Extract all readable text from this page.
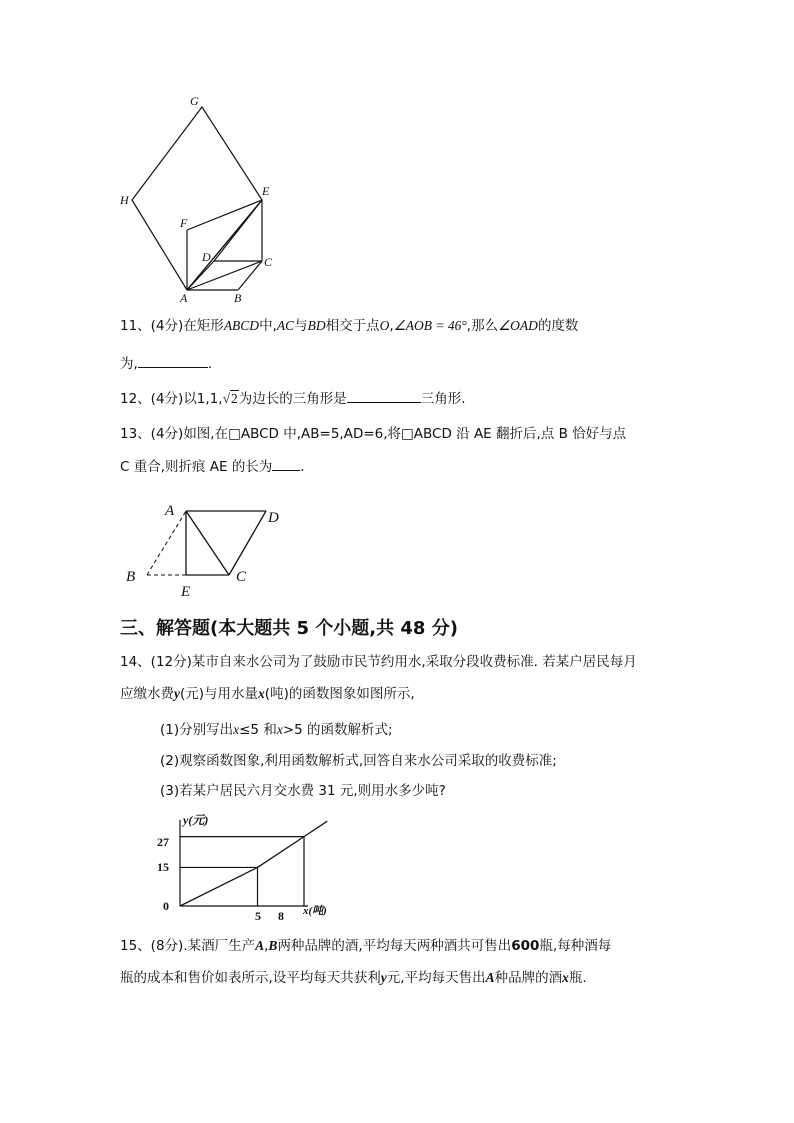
G
H
E
F
D	C
A	B
11、(4分)在矩形ABCD中,AC与BD相交于点O,∠AOB = 46°,那么∠OAD的度数
为,	.
12、(4分)以1,1,√2为边长的三角形是	三角形.
13、(4分)如图,在□ABCD 中,AB=5,AD=6,将□ABCD 沿 AE 翻折后,点 B 恰好与点
C 重合,则折痕 AE 的长为 .
A	D
B
E
C
三、解答题(本大题共 5 个小题,共 48 分)
14、(12分)某市自来水公司为了鼓励市民节约用水,采取分段收费标准. 若某户居民每月
应缴水费y(元)与用水量x(吨)的函数图象如图所示,
(1)分别写出x≤5 和x>5 的函数解析式;
(2)观察函数图象,利用函数解析式,回答自来水公司采取的收费标准;
(3)若某户居民六月交水费 31 元,则用水多少吨?
y(元)
x(吨)
0
27
15
5 8
15、(8分).某酒厂生产A,B两种品牌的酒,平均每天两种酒共可售出600瓶,每种酒每
瓶的成本和售价如表所示,设平均每天共获利y元,平均每天售出A种品牌的酒x瓶.
